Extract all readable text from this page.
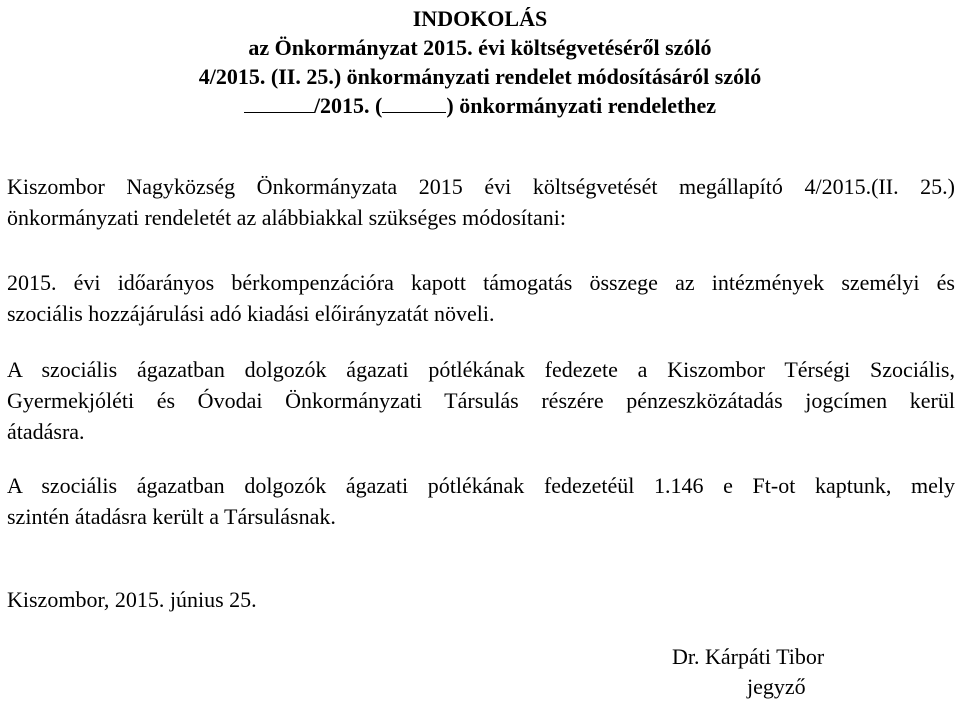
INDOKOLÁS
az Önkormányzat 2015. évi költségvetéséről szóló
4/2015. (II. 25.) önkormányzati rendelet módosításáról szóló
/2015. (	) önkormányzati rendelethez
Kiszombor Nagyközség Önkormányzata 2015 évi költségvetését megállapító 4/2015.(II. 25.)
önkormányzati rendeletét az alábbiakkal szükséges módosítani:
2015. évi időarányos bérkompenzációra kapott támogatás összege az intézmények személyi és
szociális hozzájárulási adó kiadási előirányzatát növeli.
A szociális ágazatban dolgozók ágazati pótlékának fedezete a Kiszombor Térségi Szociális,
Gyermekjóléti és Óvodai Önkormányzati Társulás részére pénzeszközátadás jogcímen kerül
átadásra.
A szociális ágazatban dolgozók ágazati pótlékának fedezetéül 1.146 e Ft-ot kaptunk, mely
szintén átadásra került a Társulásnak.
Kiszombor, 2015. június 25.
Dr. Kárpáti Tibor
jegyző
